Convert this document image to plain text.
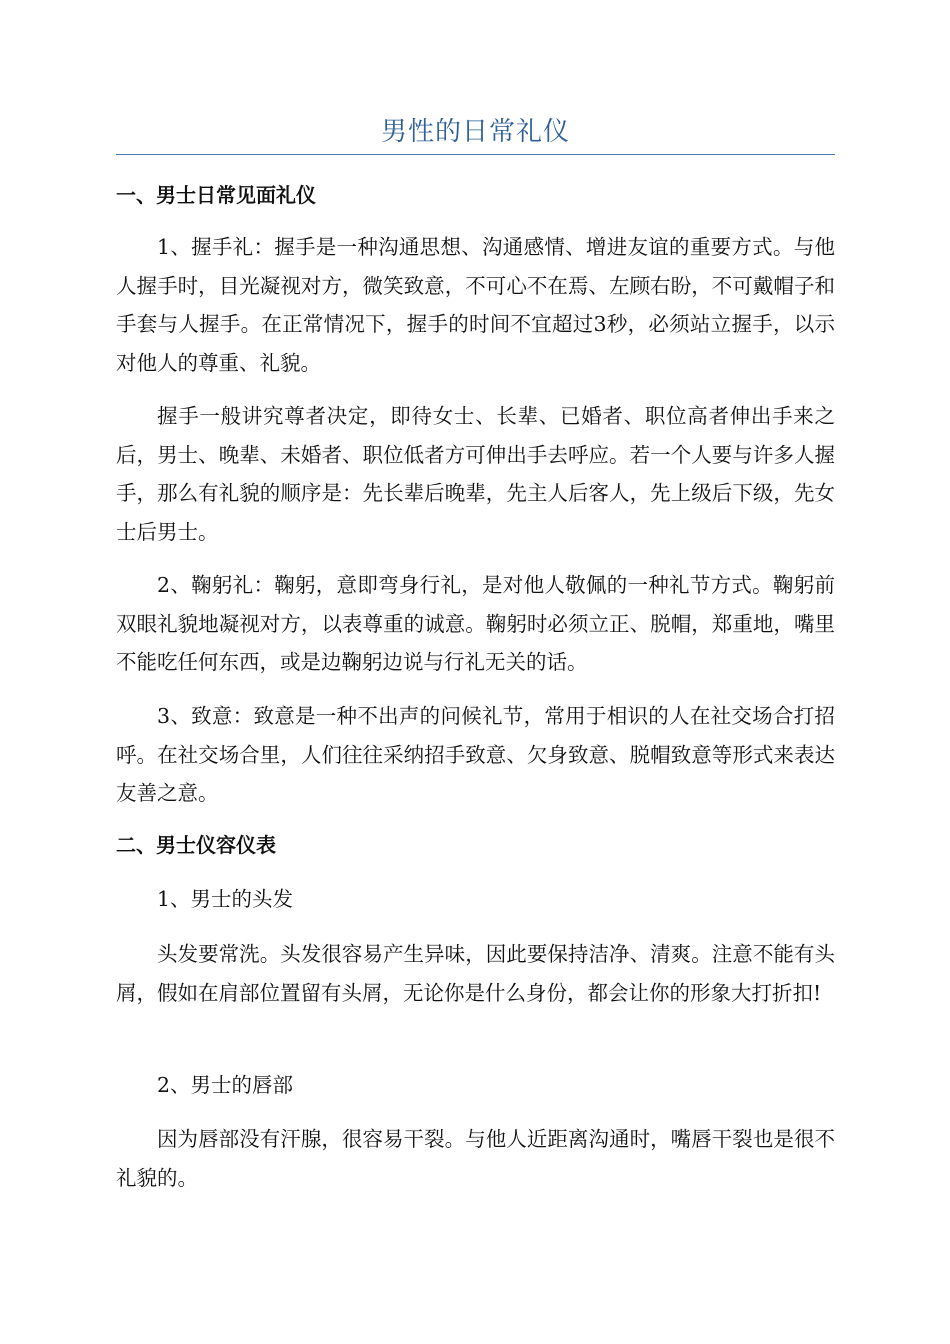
男性的日常礼仪
一、男士日常见面礼仪

1、握手礼：握手是一种沟通思想、沟通感情、增进友谊的重要方式。与他人握手时，目光凝视对方，微笑致意，不可心不在焉、左顾右盼，不可戴帽子和手套与人握手。在正常情况下，握手的时间不宜超过3秒，必须站立握手，以示对他人的尊重、礼貌。

握手一般讲究尊者决定，即待女士、长辈、已婚者、职位高者伸出手来之后，男士、晚辈、未婚者、职位低者方可伸出手去呼应。若一个人要与许多人握手，那么有礼貌的顺序是：先长辈后晚辈，先主人后客人，先上级后下级，先女士后男士。

2、鞠躬礼：鞠躬，意即弯身行礼，是对他人敬佩的一种礼节方式。鞠躬前双眼礼貌地凝视对方，以表尊重的诚意。鞠躬时必须立正、脱帽，郑重地，嘴里不能吃任何东西，或是边鞠躬边说与行礼无关的话。

3、致意：致意是一种不出声的问候礼节，常用于相识的人在社交场合打招呼。在社交场合里，人们往往采纳招手致意、欠身致意、脱帽致意等形式来表达友善之意。

二、男士仪容仪表

1、男士的头发

头发要常洗。头发很容易产生异味，因此要保持洁净、清爽。注意不能有头屑，假如在肩部位置留有头屑，无论你是什么身份，都会让你的形象大打折扣!

2、男士的唇部

因为唇部没有汗腺，很容易干裂。与他人近距离沟通时，嘴唇干裂也是很不礼貌的。
